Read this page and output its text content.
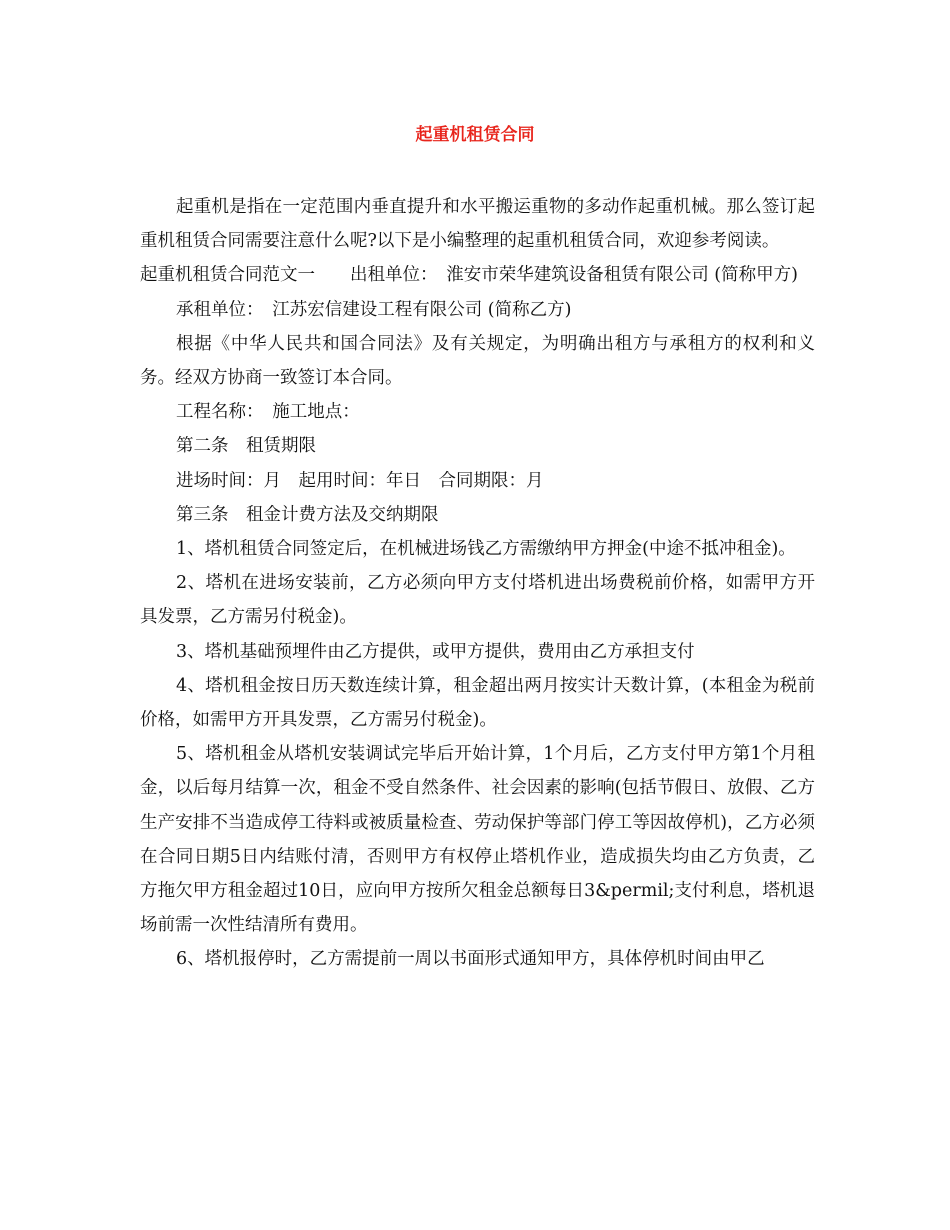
起重机租赁合同

起重机是指在一定范围内垂直提升和水平搬运重物的多动作起重机械。那么签订起重机租赁合同需要注意什么呢?以下是小编整理的起重机租赁合同，欢迎参考阅读。

起重机租赁合同范文一　　出租单位：　淮安市荣华建筑设备租赁有限公司 (简称甲方)

承租单位：　江苏宏信建设工程有限公司 (简称乙方)

根据《中华人民共和国合同法》及有关规定，为明确出租方与承租方的权利和义务。经双方协商一致签订本合同。

工程名称：　施工地点：

第二条　租赁期限

进场时间：月　起用时间：年日　合同期限：月

第三条　租金计费方法及交纳期限

1、塔机租赁合同签定后，在机械进场钱乙方需缴纳甲方押金(中途不抵冲租金)。

2、塔机在进场安装前，乙方必须向甲方支付塔机进出场费税前价格，如需甲方开具发票，乙方需另付税金)。

3、塔机基础预埋件由乙方提供，或甲方提供，费用由乙方承担支付

4、塔机租金按日历天数连续计算，租金超出两月按实计天数计算，(本租金为税前价格，如需甲方开具发票，乙方需另付税金)。

5、塔机租金从塔机安装调试完毕后开始计算，1个月后，乙方支付甲方第1个月租金，以后每月结算一次，租金不受自然条件、社会因素的影响(包括节假日、放假、乙方生产安排不当造成停工待料或被质量检查、劳动保护等部门停工等因故停机)，乙方必须在合同日期5日内结账付清，否则甲方有权停止塔机作业，造成损失均由乙方负责，乙方拖欠甲方租金超过10日，应向甲方按所欠租金总额每日3&permil;支付利息，塔机退场前需一次性结清所有费用。

6、塔机报停时，乙方需提前一周以书面形式通知甲方，具体停机时间由甲乙
